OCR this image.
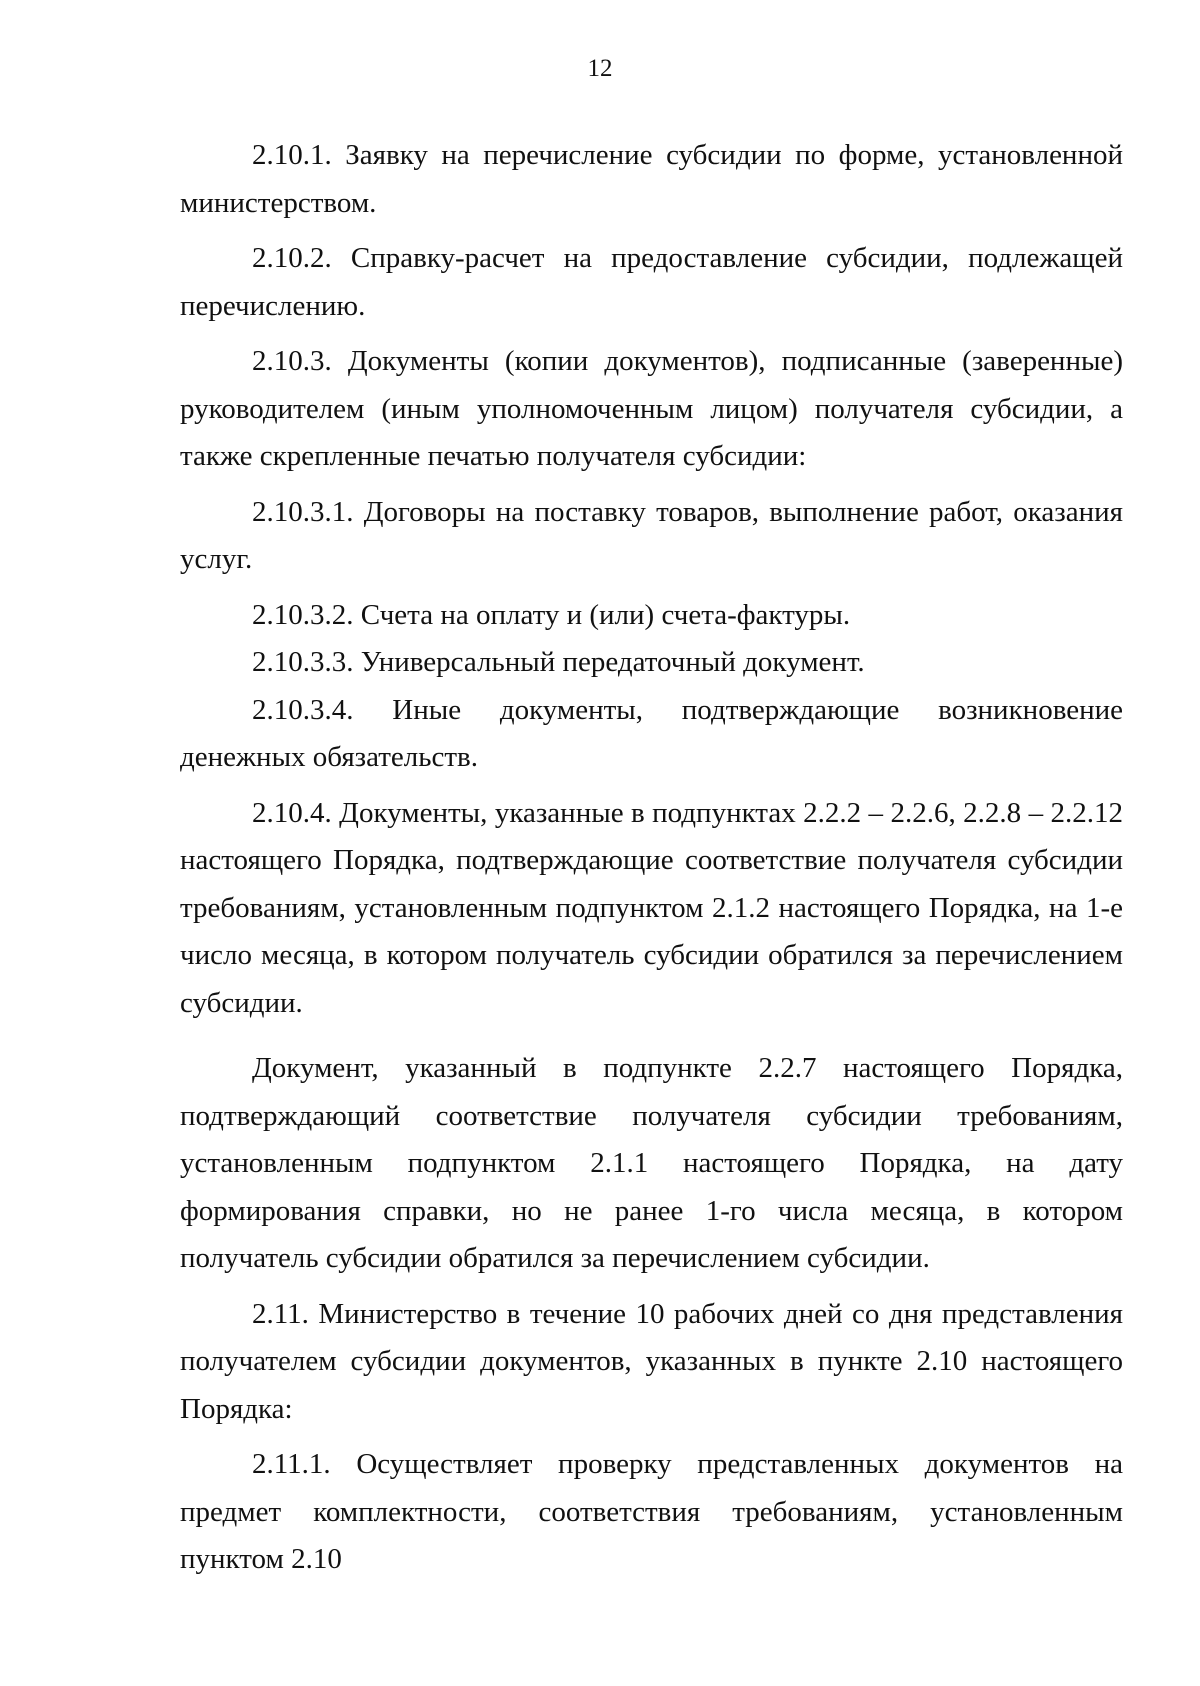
12

2.10.1. Заявку на перечисление субсидии по форме, установленной министерством.

2.10.2. Справку-расчет на предоставление субсидии, подлежащей перечислению.

2.10.3. Документы (копии документов), подписанные (заверенные) руководителем (иным уполномоченным лицом) получателя субсидии, а также скрепленные печатью получателя субсидии:

2.10.3.1. Договоры на поставку товаров, выполнение работ, оказания услуг.

2.10.3.2. Счета на оплату и (или) счета-фактуры.

2.10.3.3. Универсальный передаточный документ.

2.10.3.4. Иные документы, подтверждающие возникновение денежных обязательств.

2.10.4. Документы, указанные в подпунктах 2.2.2 – 2.2.6, 2.2.8 – 2.2.12 настоящего Порядка, подтверждающие соответствие получателя субсидии требованиям, установленным подпунктом 2.1.2 настоящего Порядка, на 1-е число месяца, в котором получатель субсидии обратился за перечислением субсидии.

Документ, указанный в подпункте 2.2.7 настоящего Порядка, подтверждающий соответствие получателя субсидии требованиям, установленным подпунктом 2.1.1 настоящего Порядка, на дату формирования справки, но не ранее 1-го числа месяца, в котором получатель субсидии обратился за перечислением субсидии.

2.11. Министерство в течение 10 рабочих дней со дня представления получателем субсидии документов, указанных в пункте 2.10 настоящего Порядка:

2.11.1. Осуществляет проверку представленных документов на предмет комплектности, соответствия требованиям, установленным пунктом 2.10
